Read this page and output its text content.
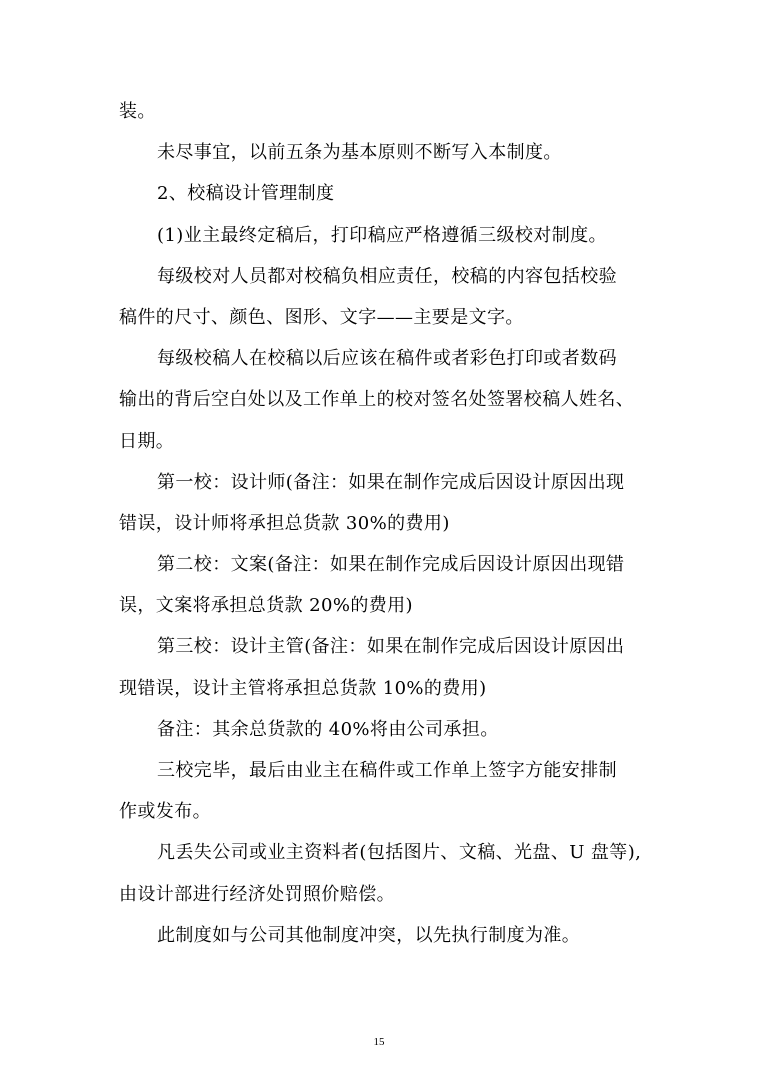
装。
未尽事宜，以前五条为基本原则不断写入本制度。
2、校稿设计管理制度
(1)业主最终定稿后，打印稿应严格遵循三级校对制度。
每级校对人员都对校稿负相应责任，校稿的内容包括校验
稿件的尺寸、颜色、图形、文字——主要是文字。
每级校稿人在校稿以后应该在稿件或者彩色打印或者数码
输出的背后空白处以及工作单上的校对签名处签署校稿人姓名、
日期。
第一校：设计师(备注：如果在制作完成后因设计原因出现
错误，设计师将承担总货款 30%的费用)
第二校：文案(备注：如果在制作完成后因设计原因出现错
误，文案将承担总货款 20%的费用)
第三校：设计主管(备注：如果在制作完成后因设计原因出
现错误，设计主管将承担总货款 10%的费用)
备注：其余总货款的 40%将由公司承担。
三校完毕，最后由业主在稿件或工作单上签字方能安排制
作或发布。
凡丢失公司或业主资料者(包括图片、文稿、光盘、U 盘等),
由设计部进行经济处罚照价赔偿。
此制度如与公司其他制度冲突，以先执行制度为准。
15
